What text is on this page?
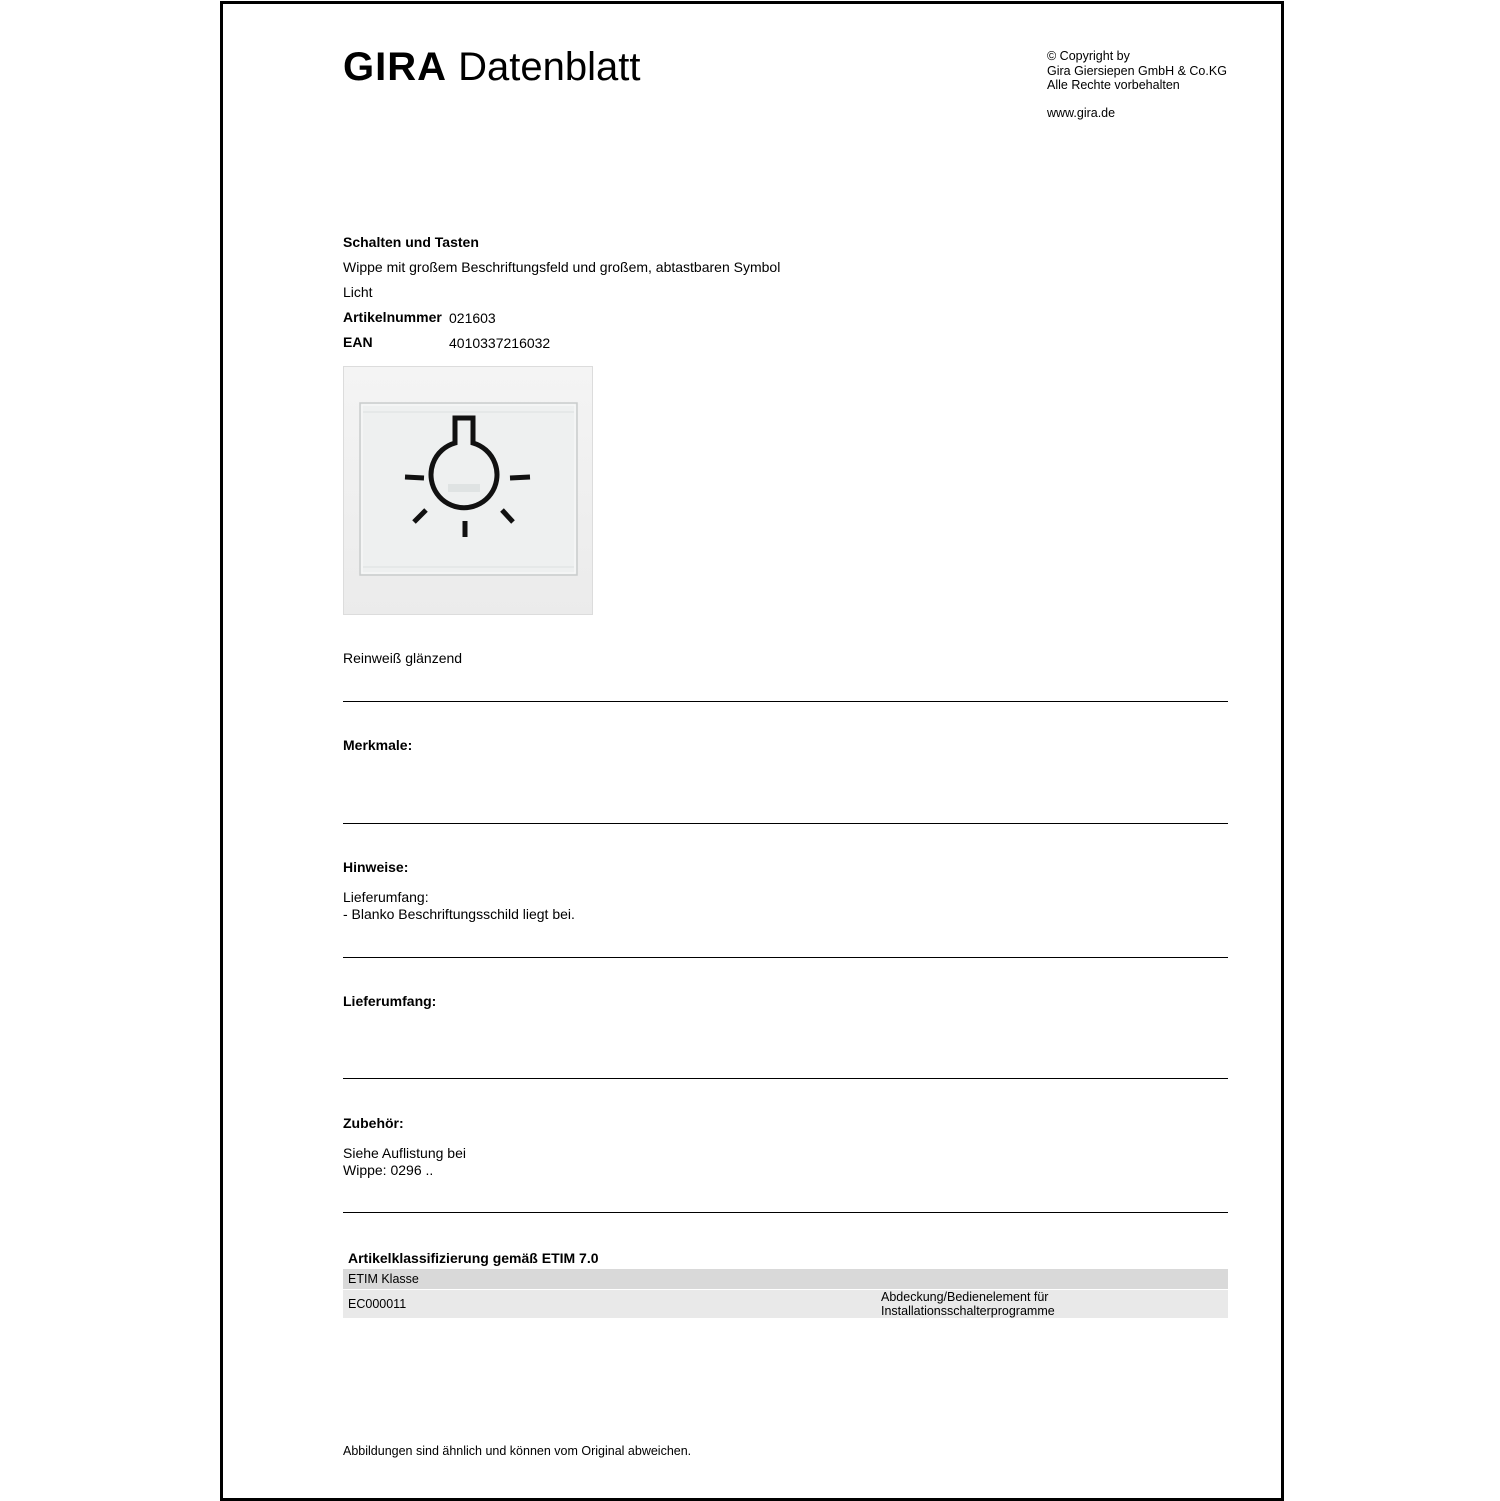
GIRA Datenblatt	© Copyright by
Gira Giersiepen GmbH & Co.KG
Alle Rechte vorbehalten
www.gira.de
Schalten und Tasten
Wippe mit großem Beschriftungsfeld und großem, abtastbaren Symbol
Licht
Artikelnummer 021603
EAN	4010337216032
Reinweiß glänzend
Merkmale:
Hinweise:
Lieferumfang:
- Blanko Beschriftungsschild liegt bei.
Lieferumfang:
Zubehör:
Siehe Auflistung bei
Wippe: 0296 ..
Artikelklassifizierung gemäß ETIM 7.0
ETIM Klasse
EC000011	Abdeckung/Bedienelement für
Installationsschalterprogramme
Abbildungen sind ähnlich und können vom Original abweichen.
